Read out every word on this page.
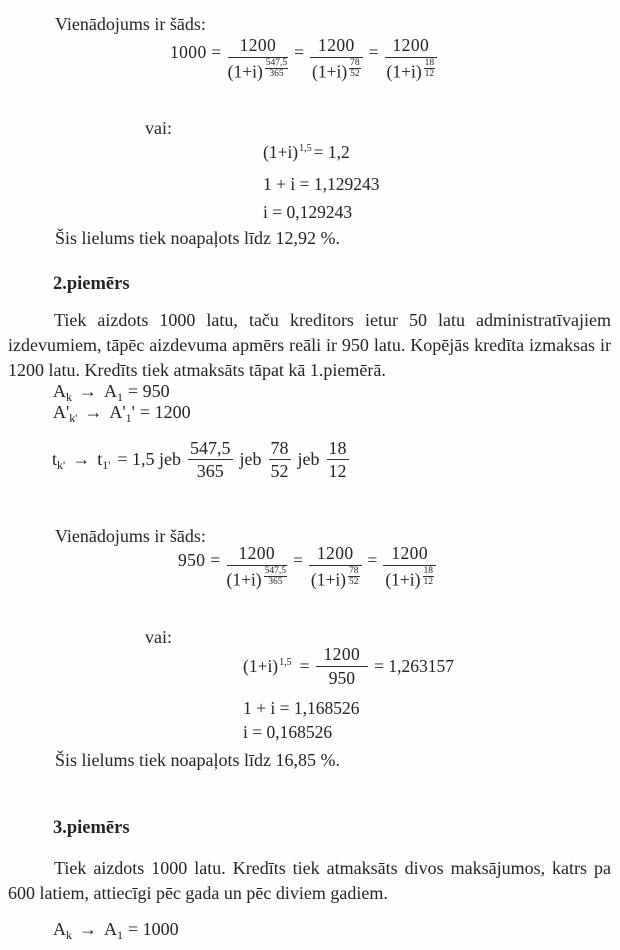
Vienādojums ir šāds:
$1000 = \frac{1200}{(1+i) \frac{547,5}{365}} = \frac{1200}{(1+i) \frac{78}{52}} = \frac{1200}{(1+i) \frac{18}{12}}$
vai:
$(1+i)^{1,5} = 1,2$
1 + i = 1,129243
i = 0,129243
Šis lielums tiek noapaļots līdz 12,92 %.
2.piemērs
Tiek aizdots 1000 latu, taču kreditors ietur 50 latu administratīvajiem izdevumiem, tāpēc aizdevuma apmērs reāli ir 950 latu. Kopējās kredīta izmaksas ir 1200 latu. Kredīts tiek atmaksāts tāpat kā 1.piemērā.
$A_k \to A_1 = 950$
$A'_{k'} \to A'_1' = 1200$
$t_{k'} \to t_{1'} = 1,5$ jeb $\frac{547,5}{365}$ jeb $\frac{78}{52}$ jeb $\frac{18}{12}$
Vienādojums ir šāds:
$950 = \frac{1200}{(1+i) \frac{547,5}{365}} = \frac{1200}{(1+i) \frac{78}{52}} = \frac{1200}{(1+i) \frac{18}{12}}$
vai:
$(1+i)^{1,5} = \frac{1200}{950} = 1,263157$
1 + i = 1,168526
i = 0,168526
Šis lielums tiek noapaļots līdz 16,85 %.
3.piemērs
Tiek aizdots 1000 latu. Kredīts tiek atmaksāts divos maksājumos, katrs pa 600 latiem, attiecīgi pēc gada un pēc diviem gadiem.
$A_k \to A_1 = 1000$
